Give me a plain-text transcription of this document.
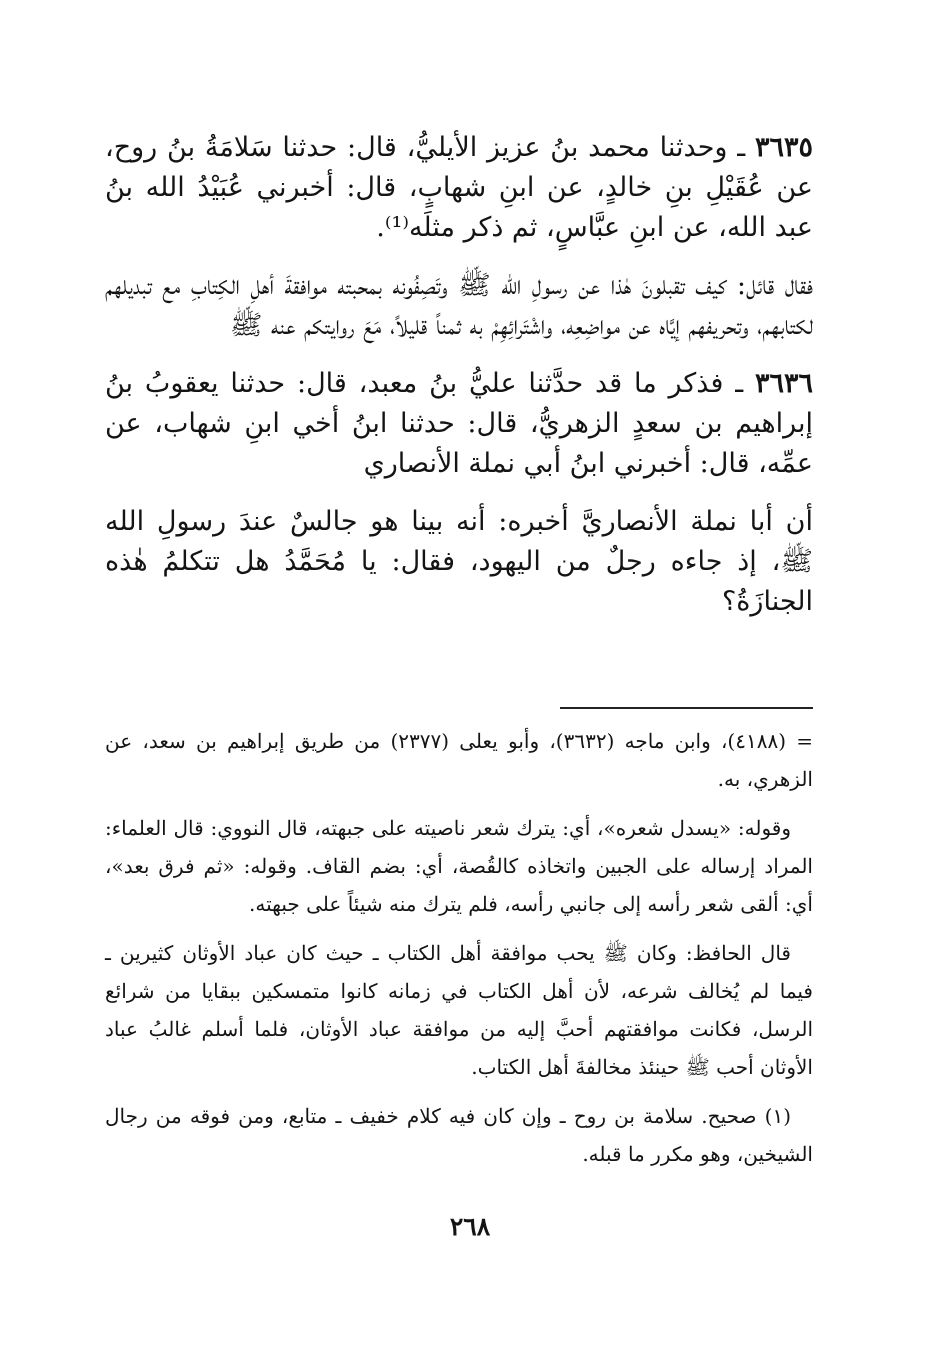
٣٦٣٥ ـ وحدثنا محمد بنُ عزيز الأيليُّ، قال: حدثنا سَلامَةُ بنُ روح، عن عُقَيْلِ بنِ خالدٍ، عن ابنِ شهابٍ، قال: أخبرني عُبَيْدُ الله بنُ عبد الله، عن ابنِ عبَّاسٍ، ثم ذكر مثلَه⁽¹⁾.

فقال قائل: كيف تقبلونَ هٰذا عن رسولِ الله ﷺ وتَصِفُونه بمحبته موافقةَ أهلِ الكِتابِ مع تبديلهم لكتابهم، وتحريفهم إيَّاه عن مواضِعِه، واشْتَرائِهِمْ به ثمناً قليلاً، مَعَ روايتكم عنه ﷺ

٣٦٣٦ ـ فذكر ما قد حدَّثنا عليُّ بنُ معبد، قال: حدثنا يعقوبُ بنُ إبراهيم بن سعدٍ الزهريُّ، قال: حدثنا ابنُ أخي ابنِ شهاب، عن عمِّه، قال: أخبرني ابنُ أبي نملة الأنصاري

أن أبا نملة الأنصاريَّ أخبره: أنه بينا هو جالسٌ عندَ رسولِ الله ﷺ، إذ جاءه رجلٌ من اليهود، فقال: يا مُحَمَّدُ هل تتكلمُ هٰذه الجنازَةُ؟

= (٤١٨٨)، وابن ماجه (٣٦٣٢)، وأبو يعلى (٢٣٧٧) من طريق إبراهيم بن سعد، عن الزهري، به.

وقوله: «يسدل شعره»، أي: يترك شعر ناصيته على جبهته، قال النووي: قال العلماء: المراد إرساله على الجبين واتخاذه كالقُصة، أي: بضم القاف. وقوله: «ثم فرق بعد»، أي: ألقى شعر رأسه إلى جانبي رأسه، فلم يترك منه شيئاً على جبهته.

قال الحافظ: وكان ﷺ يحب موافقة أهل الكتاب ـ حيث كان عباد الأوثان كثيرين ـ فيما لم يُخالف شرعه، لأن أهل الكتاب في زمانه كانوا متمسكين ببقايا من شرائع الرسل، فكانت موافقتهم أحبَّ إليه من موافقة عباد الأوثان، فلما أسلم غالبُ عباد الأوثان أحب ﷺ حينئذ مخالفةَ أهل الكتاب.

(١) صحيح. سلامة بن روح ـ وإن كان فيه كلام خفيف ـ متابع، ومن فوقه من رجال الشيخين، وهو مكرر ما قبله.

٢٦٨
